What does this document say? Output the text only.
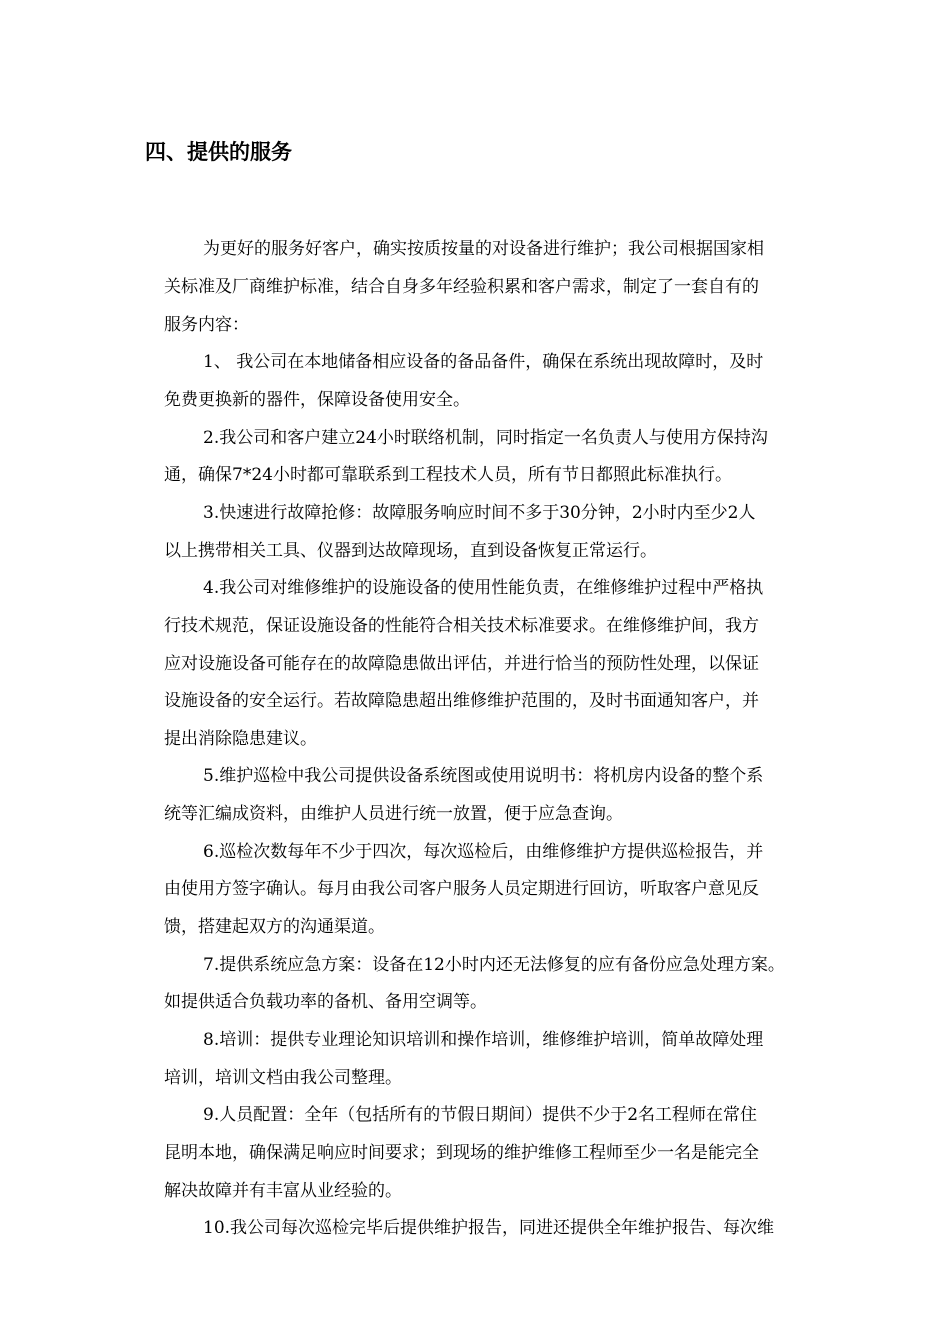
四、提供的服务
为更好的服务好客户，确实按质按量的对设备进行维护；我公司根据国家相
关标准及厂商维护标准，结合自身多年经验积累和客户需求，制定了一套自有的
服务内容：
1、 我公司在本地储备相应设备的备品备件，确保在系统出现故障时，及时
免费更换新的器件，保障设备使用安全。
2.我公司和客户建立24小时联络机制，同时指定一名负责人与使用方保持沟
通，确保7*24小时都可靠联系到工程技术人员，所有节日都照此标准执行。
3.快速进行故障抢修：故障服务响应时间不多于30分钟，2小时内至少2人
以上携带相关工具、仪器到达故障现场，直到设备恢复正常运行。
4.我公司对维修维护的设施设备的使用性能负责，在维修维护过程中严格执
行技术规范，保证设施设备的性能符合相关技术标准要求。在维修维护间，我方
应对设施设备可能存在的故障隐患做出评估，并进行恰当的预防性处理，以保证
设施设备的安全运行。若故障隐患超出维修维护范围的，及时书面通知客户，并
提出消除隐患建议。
5.维护巡检中我公司提供设备系统图或使用说明书：将机房内设备的整个系
统等汇编成资料，由维护人员进行统一放置，便于应急查询。
6.巡检次数每年不少于四次，每次巡检后，由维修维护方提供巡检报告，并
由使用方签字确认。每月由我公司客户服务人员定期进行回访，听取客户意见反
馈，搭建起双方的沟通渠道。
7.提供系统应急方案：设备在12小时内还无法修复的应有备份应急处理方案。
如提供适合负载功率的备机、备用空调等。
8.培训：提供专业理论知识培训和操作培训，维修维护培训，简单故障处理
培训，培训文档由我公司整理。
9.人员配置：全年（包括所有的节假日期间）提供不少于2名工程师在常住
昆明本地，确保满足响应时间要求；到现场的维护维修工程师至少一名是能完全
解决故障并有丰富从业经验的。
10.我公司每次巡检完毕后提供维护报告，同进还提供全年维护报告、每次维
